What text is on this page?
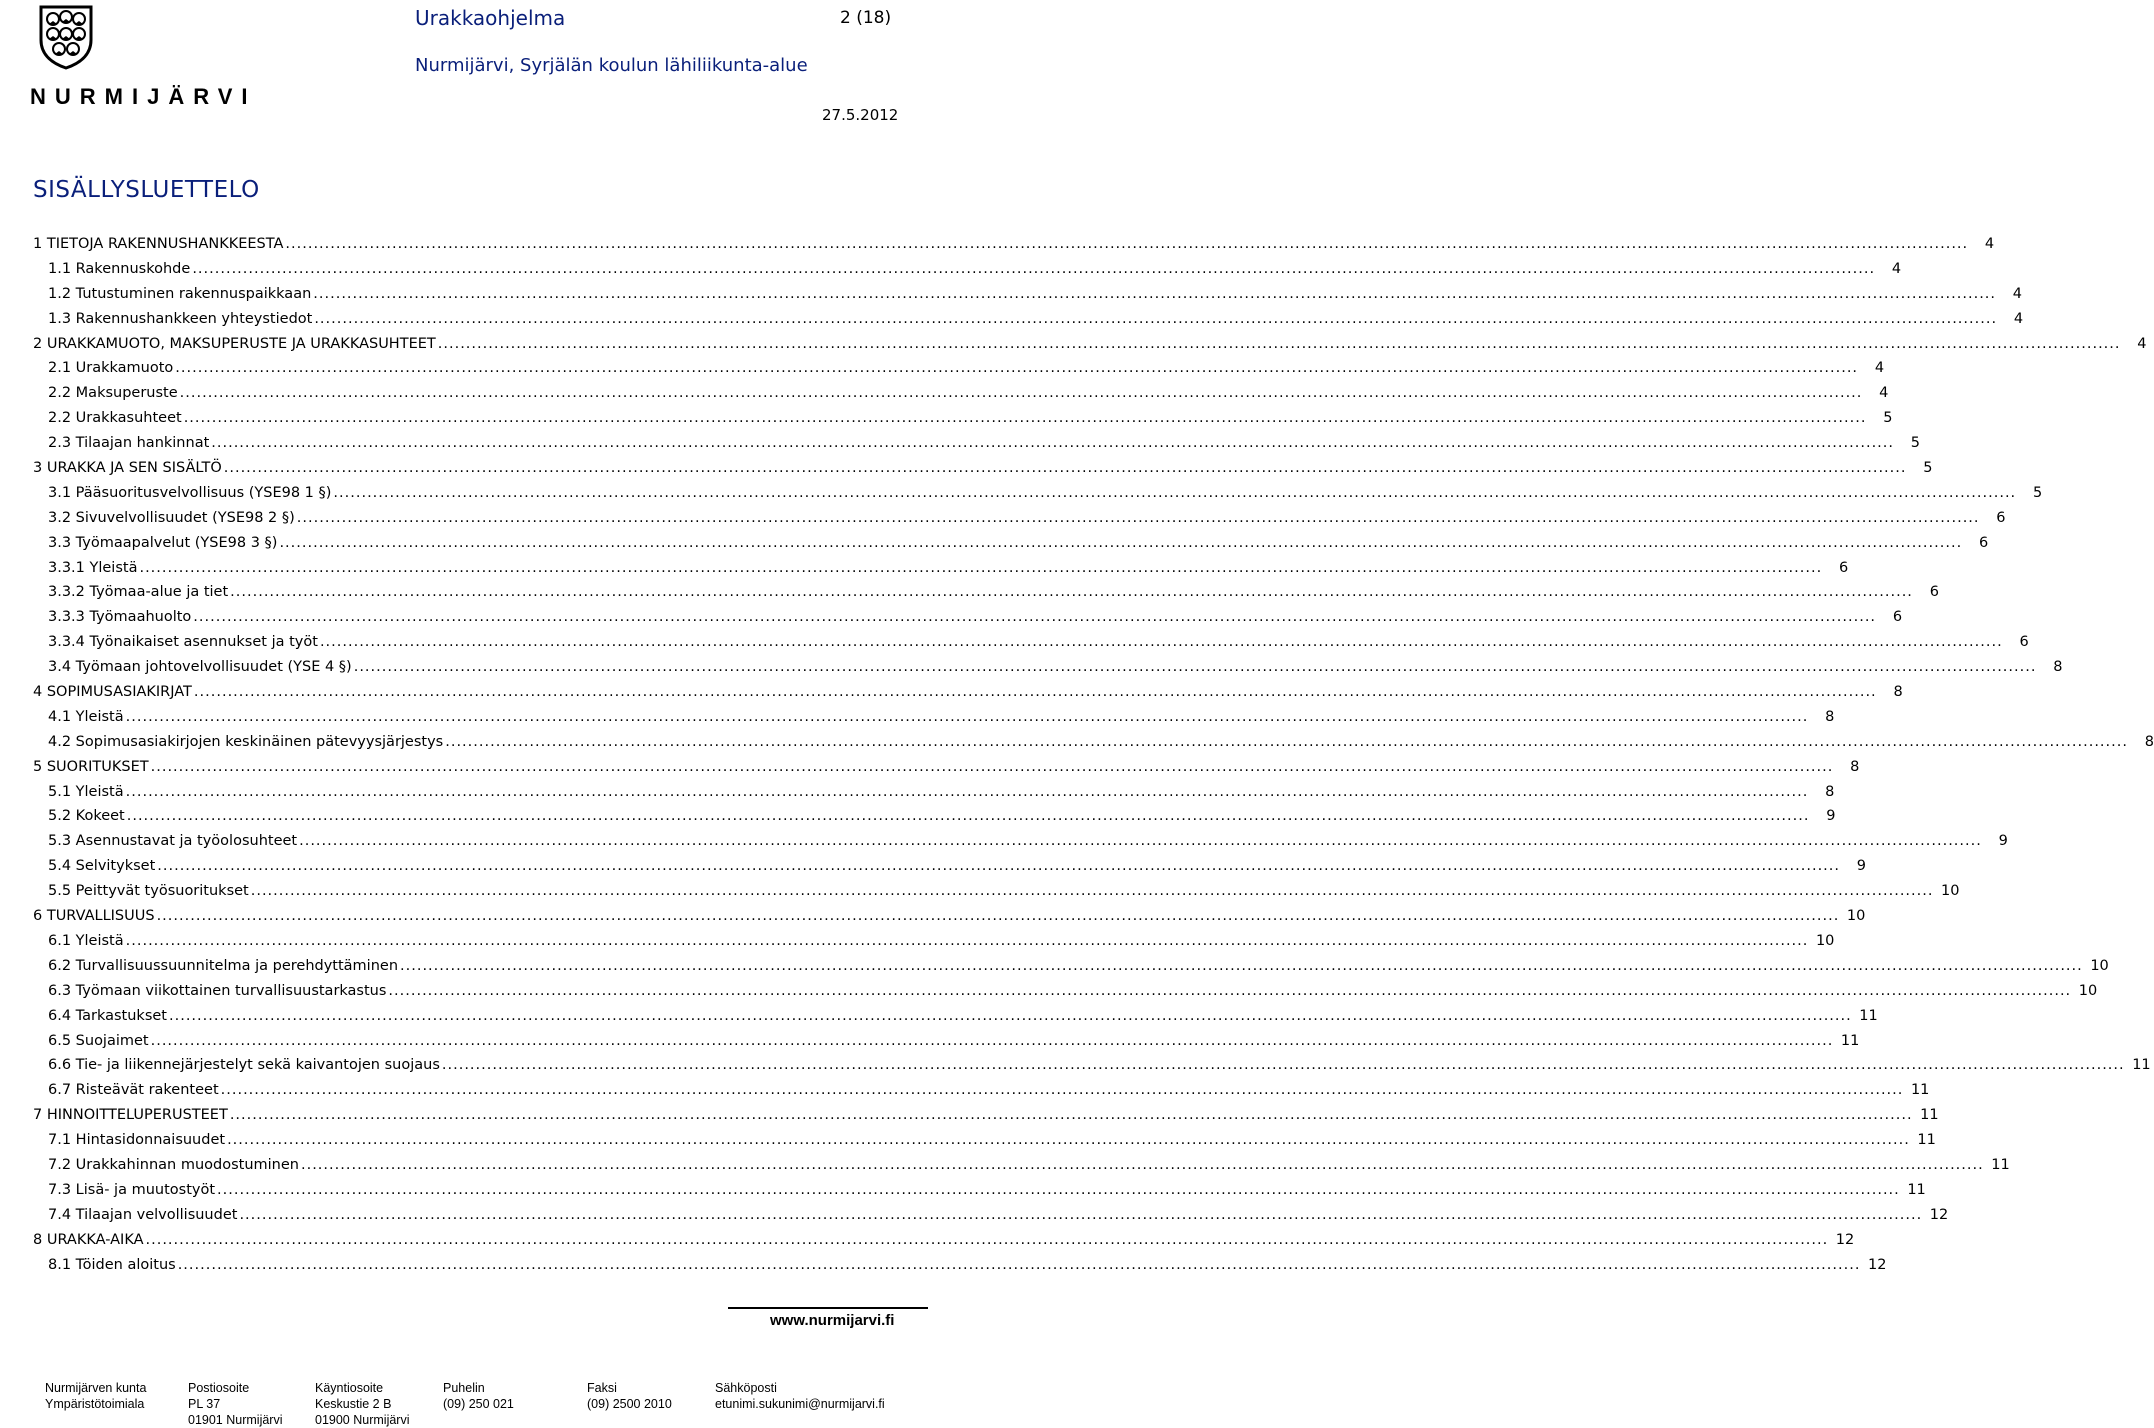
NURMIJÄRVI
Urakkaohjelma	2 (18)
Nurmijärvi, Syrjälän koulun lähiliikunta-alue
27.5.2012
SISÄLLYSLUETTELO
1 TIETOJA RAKENNUSHANKKEESTA ............................................................................................................................................................................................................................................................................................................	4
1.1 Rakennuskohde ............................................................................................................................................................................................................................................................................................................	4
1.2 Tutustuminen rakennuspaikkaan ............................................................................................................................................................................................................................................................................................................	4
1.3 Rakennushankkeen yhteystiedot ............................................................................................................................................................................................................................................................................................................	4
2 URAKKAMUOTO, MAKSUPERUSTE JA URAKKASUHTEET ............................................................................................................................................................................................................................................................................................................	4
2.1 Urakkamuoto ............................................................................................................................................................................................................................................................................................................	4
2.2 Maksuperuste ............................................................................................................................................................................................................................................................................................................	4
2.2 Urakkasuhteet ............................................................................................................................................................................................................................................................................................................	5
2.3 Tilaajan hankinnat ............................................................................................................................................................................................................................................................................................................	5
3 URAKKA JA SEN SISÄLTÖ ............................................................................................................................................................................................................................................................................................................	5
3.1 Pääsuoritusvelvollisuus (YSE98 1 §) ............................................................................................................................................................................................................................................................................................................	5
3.2 Sivuvelvollisuudet (YSE98 2 §) ............................................................................................................................................................................................................................................................................................................	6
3.3 Työmaapalvelut (YSE98 3 §) ............................................................................................................................................................................................................................................................................................................	6
3.3.1 Yleistä ............................................................................................................................................................................................................................................................................................................	6
3.3.2 Työmaa-alue ja tiet ............................................................................................................................................................................................................................................................................................................	6
3.3.3 Työmaahuolto ............................................................................................................................................................................................................................................................................................................	6
3.3.4 Työnaikaiset asennukset ja työt ............................................................................................................................................................................................................................................................................................................	6
3.4 Työmaan johtovelvollisuudet (YSE 4 §) ............................................................................................................................................................................................................................................................................................................	8
4 SOPIMUSASIAKIRJAT ............................................................................................................................................................................................................................................................................................................	8
4.1 Yleistä ............................................................................................................................................................................................................................................................................................................	8
4.2 Sopimusasiakirjojen keskinäinen pätevyysjärjestys ............................................................................................................................................................................................................................................................................................................	8
5 SUORITUKSET ............................................................................................................................................................................................................................................................................................................	8
5.1 Yleistä ............................................................................................................................................................................................................................................................................................................	8
5.2 Kokeet ............................................................................................................................................................................................................................................................................................................	9
5.3 Asennustavat ja työolosuhteet ............................................................................................................................................................................................................................................................................................................	9
5.4 Selvitykset ............................................................................................................................................................................................................................................................................................................	9
5.5 Peittyvät työsuoritukset ............................................................................................................................................................................................................................................................................................................ 10
6 TURVALLISUUS ............................................................................................................................................................................................................................................................................................................ 10
6.1 Yleistä ............................................................................................................................................................................................................................................................................................................ 10
6.2 Turvallisuussuunnitelma ja perehdyttäminen ............................................................................................................................................................................................................................................................................................................ 10
6.3 Työmaan viikottainen turvallisuustarkastus ............................................................................................................................................................................................................................................................................................................ 10
6.4 Tarkastukset ............................................................................................................................................................................................................................................................................................................ 11
6.5 Suojaimet ............................................................................................................................................................................................................................................................................................................ 11
6.6 Tie- ja liikennejärjestelyt sekä kaivantojen suojaus ............................................................................................................................................................................................................................................................................................................ 11
6.7 Risteävät rakenteet ............................................................................................................................................................................................................................................................................................................ 11
7 HINNOITTELUPERUSTEET ............................................................................................................................................................................................................................................................................................................ 11
7.1 Hintasidonnaisuudet ............................................................................................................................................................................................................................................................................................................ 11
7.2 Urakkahinnan muodostuminen ............................................................................................................................................................................................................................................................................................................ 11
7.3 Lisä- ja muutostyöt ............................................................................................................................................................................................................................................................................................................ 11
7.4 Tilaajan velvollisuudet ............................................................................................................................................................................................................................................................................................................ 12
8 URAKKA-AIKA ............................................................................................................................................................................................................................................................................................................ 12
8.1 Töiden aloitus ............................................................................................................................................................................................................................................................................................................ 12
www.nurmijarvi.fi
Nurmijärven kunta
Ympäristötoimiala
Postiosoite
PL 37
01901 Nurmijärvi
Käyntiosoite
Keskustie 2 B
01900 Nurmijärvi
Puhelin
(09) 250 021
Faksi
(09) 2500 2010
Sähköposti
etunimi.sukunimi@nurmijarvi.fi
